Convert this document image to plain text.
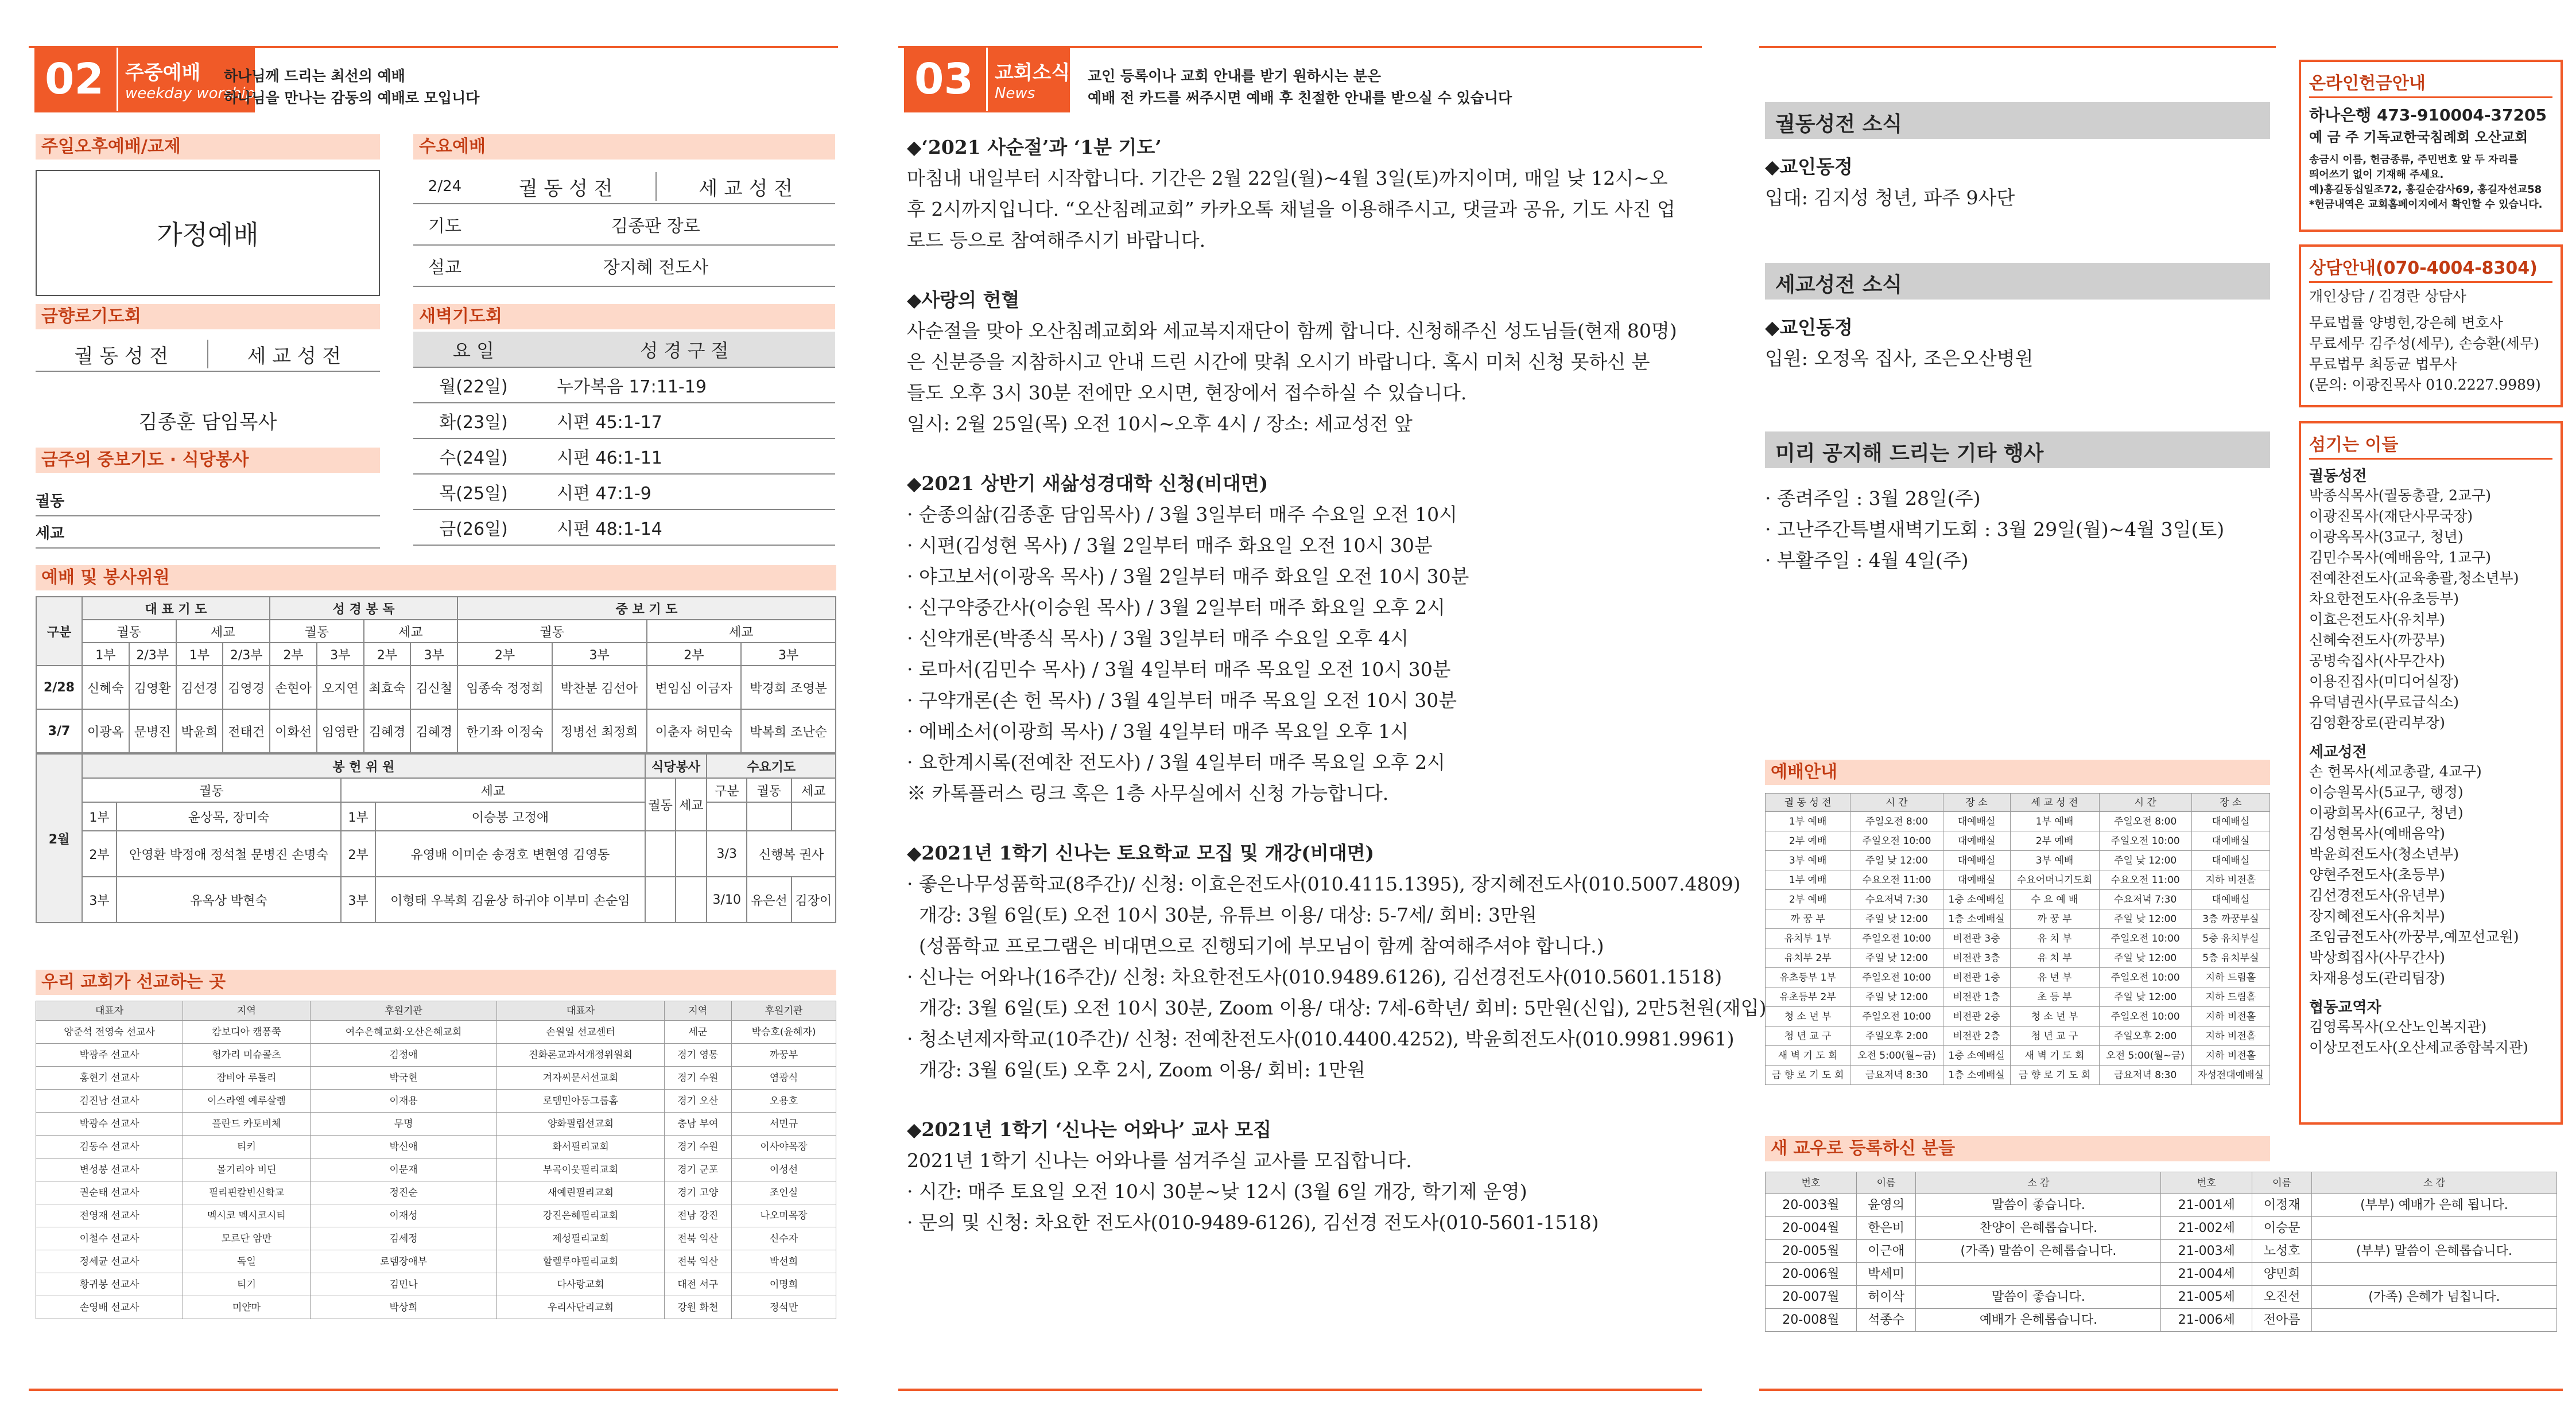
02	주중예배
weekday worship
하나님께 드리는 최선의 예배
하나님을 만나는 감동의 예배로 모입니다
주일오후예배/교제
가정예배
수요예배
2/24	궐 동 성 전	세 교 성 전
기도	김종판 장로
설교	장지혜 전도사
금향로기도회
궐 동 성 전	세 교 성 전
김종훈 담임목사
새벽기도회
요 일	성 경 구 절
월(22일)	누가복음 17:11-19
화(23일)	시편 45:1-17
수(24일)	시편 46:1-11
목(25일)	시편 47:1-9
금(26일)	시편 48:1-14
금주의 중보기도 · 식당봉사
궐동
세교
예배 및 봉사위원
구분	대 표 기 도				성 경 봉 독				중 보 기 도			
	궐동		세교		궐동		세교		궐동		세교	
	1부	2/3부	1부	2/3부	2부	3부	2부	3부	2부	3부	2부	3부
2/28	신혜숙	김영환	김선경	김영경	손현아	오지연	최효숙	김신철	임종숙 정정희	박찬분 김선아	변임심 이금자	박경희 조영분
3/7	이광옥	문병진	박윤희	전태건	이화선	임영란	김혜경	김혜경	한기좌 이정숙	정병선 최정희	이춘자 허민숙	박복희 조난순
2월	봉 헌 위 원				식당봉사		수요기도		
	궐동		세교		궐동	세교	구분	궐동	세교
	1부	윤상목, 장미숙	1부	이승봉 고정애					
	2부	안영환 박정애 정석철 문병진 손명숙	2부	유영배 이미순 송경호 변현영 김영동			3/3	신행복 권사	
	3부	유옥상 박현숙	3부	이형태 우복희 김윤상 하귀야 이부미 손순임			3/10	유은선	김장이
우리 교회가 선교하는 곳
대표자	지역	후원기관	대표자	지역	후원기관
양준석 전영숙 선교사	캄보디아 캠퐁쭉	여수은혜교회·오산은혜교회	손원일 선교센터	세군	박승호(윤혜자)
박광주 선교사	헝가리 미슈콜츠	김정애	진화론교과서개정위원회	경기 영통	까꿍부
홍현기 선교사	잠비아 루돌리	박국현	겨자씨문서선교회	경기 수원	염광식
김진남 선교사	이스라엘 예루살렘	이재용	로뎀민아동그룹홈	경기 오산	오용호
박광수 선교사	플란드 카토비체	무명	양화필립선교회	충남 부여	서민규
김동수 선교사	티키	박신애	화서필리교회	경기 수원	이사야목장
변성봉 선교사	몰기리아 비딘	이문재	부곡이웃필리교회	경기 군포	이성선
권순태 선교사	필리핀칼빈신학교	정진순	새예린필리교회	경기 고양	조인실
전영재 선교사	멕시코 멕시코시티	이재성	강진은혜필리교회	전남 강진	나오미목장
이철수 선교사	모르단 암만	김세정	제성필리교회	전북 익산	신수자
정세균 선교사	독일	로뎀장애부	할렐루야필리교회	전북 익산	박선희
황귀봉 선교사	티기	김민나	다사랑교회	대전 서구	이명희
손영배 선교사	미얀마	박상희	우리사단리교회	강원 화천	정석만
03	교회소식
News
교인 등록이나 교회 안내를 받기 원하시는 분은
예배 전 카드를 써주시면 예배 후 친절한 안내를 받으실 수 있습니다
◆‘2021 사순절’과 ‘1분 기도’
마침내 내일부터 시작합니다. 기간은 2월 22일(월)~4월 3일(토)까지이며, 매일 낮 12시~오
후 2시까지입니다. “오산침례교회” 카카오톡 채널을 이용해주시고, 댓글과 공유, 기도 사진 업
로드 등으로 참여해주시기 바랍니다.
◆사랑의 헌혈
사순절을 맞아 오산침례교회와 세교복지재단이 함께 합니다. 신청해주신 성도님들(현재 80명)
은 신분증을 지참하시고 안내 드린 시간에 맞춰 오시기 바랍니다. 혹시 미처 신청 못하신 분
들도 오후 3시 30분 전에만 오시면, 현장에서 접수하실 수 있습니다.
일시: 2월 25일(목) 오전 10시~오후 4시 / 장소: 세교성전 앞
◆2021 상반기 새삶성경대학 신청(비대면)
· 순종의삶(김종훈 담임목사) / 3월 3일부터 매주 수요일 오전 10시
· 시편(김성현 목사) / 3월 2일부터 매주 화요일 오전 10시 30분
· 야고보서(이광옥 목사) / 3월 2일부터 매주 화요일 오전 10시 30분
· 신구약중간사(이승원 목사) / 3월 2일부터 매주 화요일 오후 2시
· 신약개론(박종식 목사) / 3월 3일부터 매주 수요일 오후 4시
· 로마서(김민수 목사) / 3월 4일부터 매주 목요일 오전 10시 30분
· 구약개론(손 헌 목사) / 3월 4일부터 매주 목요일 오전 10시 30분
· 에베소서(이광희 목사) / 3월 4일부터 매주 목요일 오후 1시
· 요한계시록(전예찬 전도사) / 3월 4일부터 매주 목요일 오후 2시
※ 카톡플러스 링크 혹은 1층 사무실에서 신청 가능합니다.
◆2021년 1학기 신나는 토요학교 모집 및 개강(비대면)
· 좋은나무성품학교(8주간)/ 신청: 이효은전도사(010.4115.1395), 장지혜전도사(010.5007.4809)
개강: 3월 6일(토) 오전 10시 30분, 유튜브 이용/ 대상: 5-7세/ 회비: 3만원
(성품학교 프로그램은 비대면으로 진행되기에 부모님이 함께 참여해주셔야 합니다.)
· 신나는 어와나(16주간)/ 신청: 차요한전도사(010.9489.6126), 김선경전도사(010.5601.1518)
개강: 3월 6일(토) 오전 10시 30분, Zoom 이용/ 대상: 7세-6학년/ 회비: 5만원(신입), 2만5천원(재입)
· 청소년제자학교(10주간)/ 신청: 전예찬전도사(010.4400.4252), 박윤희전도사(010.9981.9961)
개강: 3월 6일(토) 오후 2시, Zoom 이용/ 회비: 1만원
◆2021년 1학기 ‘신나는 어와나’ 교사 모집
2021년 1학기 신나는 어와나를 섬겨주실 교사를 모집합니다.
· 시간: 매주 토요일 오전 10시 30분~낮 12시 (3월 6일 개강, 학기제 운영)
· 문의 및 신청: 차요한 전도사(010-9489-6126), 김선경 전도사(010-5601-1518)
궐동성전 소식
◆교인동정
입대: 김지성 청년, 파주 9사단
세교성전 소식
◆교인동정
입원: 오정옥 집사, 조은오산병원
미리 공지해 드리는 기타 행사
· 종려주일 : 3월 28일(주)
· 고난주간특별새벽기도회 : 3월 29일(월)~4월 3일(토)
· 부활주일 : 4월 4일(주)
예배안내
궐 동 성 전	시 간	장 소	세 교 성 전	시 간	장 소
1부 예배	주일오전 8:00	대예배실	1부 예배	주일오전 8:00	대예배실
2부 예배	주일오전 10:00	대예배실	2부 예배	주일오전 10:00	대예배실
3부 예배	주일 낮 12:00	대예배실	3부 예배	주일 낮 12:00	대예배실
1부 예배	수요오전 11:00	대예배실	수요어머니기도회	수요오전 11:00	지하 비전홀
2부 예배	수요저녁 7:30	1층 소예배실	수 요 예 배	수요저녁 7:30	대예배실
까 꿍 부	주일 낮 12:00	1층 소예배실	까 꿍 부	주일 낮 12:00	3층 까꿍부실
유치부 1부	주일오전 10:00	비전관 3층	유 치 부	주일오전 10:00	5층 유치부실
유치부 2부	주일 낮 12:00	비전관 3층	유 치 부	주일 낮 12:00	5층 유치부실
유초등부 1부	주일오전 10:00	비전관 1층	유 년 부	주일오전 10:00	지하 드림홀
유초등부 2부	주일 낮 12:00	비전관 1층	초 등 부	주일 낮 12:00	지하 드림홀
청 소 년 부	주일오전 10:00	비전관 2층	청 소 년 부	주일오전 10:00	지하 비전홀
청 년 교 구	주일오후 2:00	비전관 2층	청 년 교 구	주일오후 2:00	지하 비전홀
새 벽 기 도 회	오전 5:00(월~금)	1층 소예배실	새 벽 기 도 회	오전 5:00(월~금)	지하 비전홀
금 향 로 기 도 회	금요저녁 8:30	1층 소예배실	금 향 로 기 도 회	금요저녁 8:30	자성전대예배실
새 교우로 등록하신 분들
번호	이름	소 감	번호	이름	소 감
20-003월	윤영의	말씀이 좋습니다.	21-001세	이정재	(부부) 예배가 은혜 됩니다.
20-004월	한은비	찬양이 은혜롭습니다.	21-002세	이승문	
20-005월	이근애	(가족) 말씀이 은혜롭습니다.	21-003세	노성호	(부부) 말씀이 은혜롭습니다.
20-006월	박세미		21-004세	양민희	
20-007월	허이삭	말씀이 좋습니다.	21-005세	오진선	(가족) 은혜가 넘칩니다.
20-008월	석종수	예배가 은혜롭습니다.	21-006세	전아름	
온라인헌금안내
하나은행 473-910004-37205
예 금 주 기독교한국침례회 오산교회
송금시 이름, 헌금종류, 주민번호 앞 두 자리를
띄어쓰기 없이 기재해 주세요.
예)홍길동십일조72, 홍길순감사69, 홍길자선교58
*헌금내역은 교회홈페이지에서 확인할 수 있습니다.
상담안내(070-4004-8304)
개인상담 / 김경란 상담사
무료법률 양병헌,강은혜 변호사
무료세무 김주성(세무), 손승환(세무)
무료법무 최동균 법무사
(문의: 이광진목사 010.2227.9989)
섬기는 이들
궐동성전
박종식목사(궐동총괄, 2교구)
이광진목사(재단사무국장)
이광옥목사(3교구, 청년)
김민수목사(예배음악, 1교구)
전예찬전도사(교육총괄,청소년부)
차요한전도사(유초등부)
이효은전도사(유치부)
신혜숙전도사(까꿍부)
공병숙집사(사무간사)
이용진집사(미디어실장)
유덕념권사(무료급식소)
김영환장로(관리부장)
세교성전
손 헌목사(세교총괄, 4교구)
이승원목사(5교구, 행정)
이광희목사(6교구, 청년)
김성현목사(예배음악)
박윤희전도사(청소년부)
양현주전도사(초등부)
김선경전도사(유년부)
장지혜전도사(유치부)
조임금전도사(까꿍부,예꼬선교원)
박상희집사(사무간사)
차재용성도(관리팀장)
협동교역자
김영록목사(오산노인복지관)
이상모전도사(오산세교종합복지관)
